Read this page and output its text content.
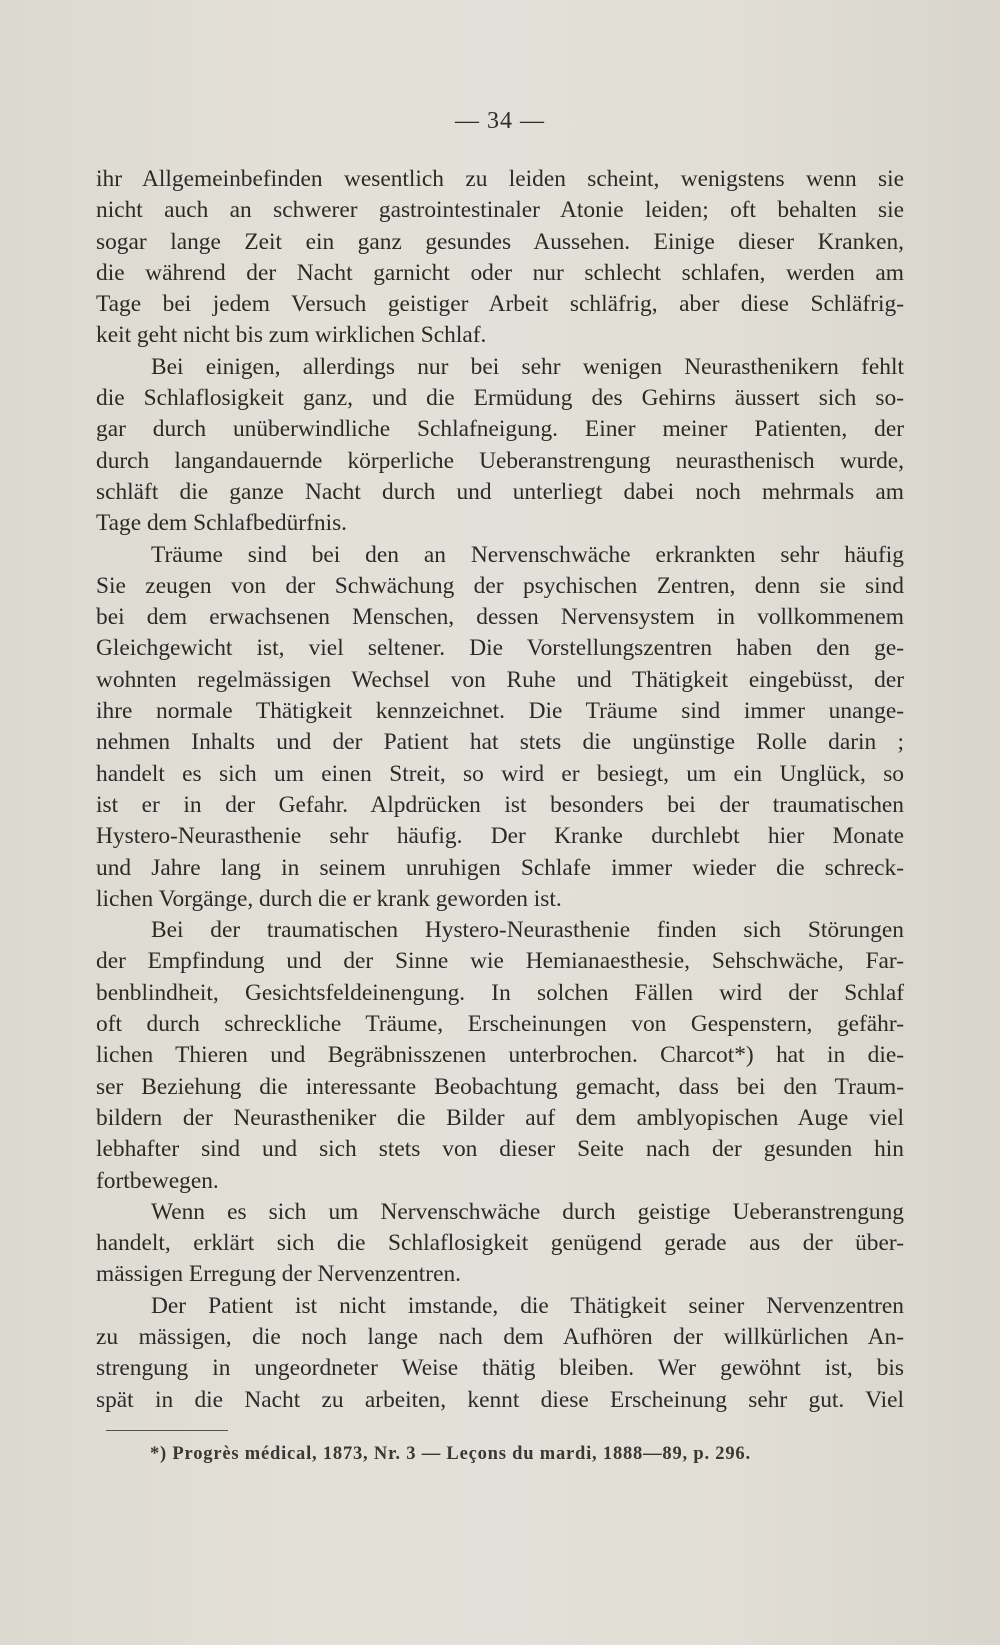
— 34 —
ihr Allgemeinbefinden wesentlich zu leiden scheint, wenigstens wenn sie
nicht auch an schwerer gastrointestinaler Atonie leiden; oft behalten sie
sogar lange Zeit ein ganz gesundes Aussehen. Einige dieser Kranken,
die während der Nacht garnicht oder nur schlecht schlafen, werden am
Tage bei jedem Versuch geistiger Arbeit schläfrig, aber diese Schläfrig-
keit geht nicht bis zum wirklichen Schlaf.
Bei einigen, allerdings nur bei sehr wenigen Neurasthenikern fehlt
die Schlaflosigkeit ganz, und die Ermüdung des Gehirns äussert sich so-
gar durch unüberwindliche Schlafneigung. Einer meiner Patienten, der
durch langandauernde körperliche Ueberanstrengung neurasthenisch wurde,
schläft die ganze Nacht durch und unterliegt dabei noch mehrmals am
Tage dem Schlafbedürfnis.
Träume sind bei den an Nervenschwäche erkrankten sehr häufig
Sie zeugen von der Schwächung der psychischen Zentren, denn sie sind
bei dem erwachsenen Menschen, dessen Nervensystem in vollkommenem
Gleichgewicht ist, viel seltener. Die Vorstellungszentren haben den ge-
wohnten regelmässigen Wechsel von Ruhe und Thätigkeit eingebüsst, der
ihre normale Thätigkeit kennzeichnet. Die Träume sind immer unange-
nehmen Inhalts und der Patient hat stets die ungünstige Rolle darin ;
handelt es sich um einen Streit, so wird er besiegt, um ein Unglück, so
ist er in der Gefahr. Alpdrücken ist besonders bei der traumatischen
Hystero-Neurasthenie sehr häufig. Der Kranke durchlebt hier Monate
und Jahre lang in seinem unruhigen Schlafe immer wieder die schreck-
lichen Vorgänge, durch die er krank geworden ist.
Bei der traumatischen Hystero-Neurasthenie finden sich Störungen
der Empfindung und der Sinne wie Hemianaesthesie, Sehschwäche, Far-
benblindheit, Gesichtsfeldeinengung. In solchen Fällen wird der Schlaf
oft durch schreckliche Träume, Erscheinungen von Gespenstern, gefähr-
lichen Thieren und Begräbnisszenen unterbrochen. Charcot*) hat in die-
ser Beziehung die interessante Beobachtung gemacht, dass bei den Traum-
bildern der Neurastheniker die Bilder auf dem amblyopischen Auge viel
lebhafter sind und sich stets von dieser Seite nach der gesunden hin
fortbewegen.
Wenn es sich um Nervenschwäche durch geistige Ueberanstrengung
handelt, erklärt sich die Schlaflosigkeit genügend gerade aus der über-
mässigen Erregung der Nervenzentren.
Der Patient ist nicht imstande, die Thätigkeit seiner Nervenzentren
zu mässigen, die noch lange nach dem Aufhören der willkürlichen An-
strengung in ungeordneter Weise thätig bleiben. Wer gewöhnt ist, bis
spät in die Nacht zu arbeiten, kennt diese Erscheinung sehr gut. Viel
*) Progrès médical, 1873, Nr. 3 — Leçons du mardi, 1888—89, p. 296.
